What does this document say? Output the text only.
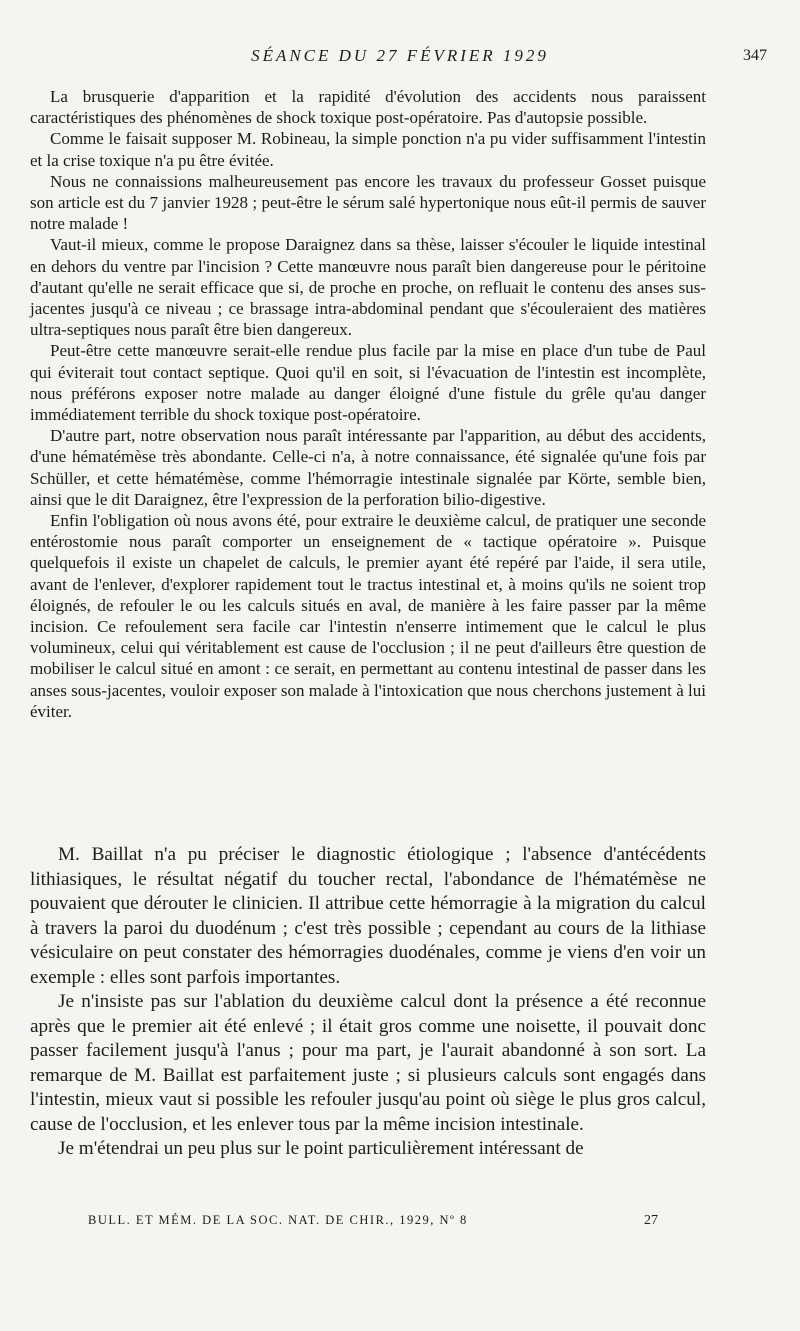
SÉANCE DU 27 FÉVRIER 1929	347

La brusquerie d'apparition et la rapidité d'évolution des accidents nous paraissent caractéristiques des phénomènes de shock toxique post-opératoire. Pas d'autopsie possible.

Comme le faisait supposer M. Robineau, la simple ponction n'a pu vider suffisamment l'intestin et la crise toxique n'a pu être évitée.

Nous ne connaissions malheureusement pas encore les travaux du professeur Gosset puisque son article est du 7 janvier 1928 ; peut-être le sérum salé hypertonique nous eût-il permis de sauver notre malade !

Vaut-il mieux, comme le propose Daraignez dans sa thèse, laisser s'écouler le liquide intestinal en dehors du ventre par l'incision ? Cette manœuvre nous paraît bien dangereuse pour le péritoine d'autant qu'elle ne serait efficace que si, de proche en proche, on refluait le contenu des anses sus-jacentes jusqu'à ce niveau ; ce brassage intra-abdominal pendant que s'écouleraient des matières ultra-septiques nous paraît être bien dangereux.

Peut-être cette manœuvre serait-elle rendue plus facile par la mise en place d'un tube de Paul qui éviterait tout contact septique. Quoi qu'il en soit, si l'évacuation de l'intestin est incomplète, nous préférons exposer notre malade au danger éloigné d'une fistule du grêle qu'au danger immédiatement terrible du shock toxique post-opératoire.

D'autre part, notre observation nous paraît intéressante par l'apparition, au début des accidents, d'une hématémèse très abondante. Celle-ci n'a, à notre connaissance, été signalée qu'une fois par Schüller, et cette hématémèse, comme l'hémorragie intestinale signalée par Körte, semble bien, ainsi que le dit Daraignez, être l'expression de la perforation bilio-digestive.

Enfin l'obligation où nous avons été, pour extraire le deuxième calcul, de pratiquer une seconde entérostomie nous paraît comporter un enseignement de « tactique opératoire ». Puisque quelquefois il existe un chapelet de calculs, le premier ayant été repéré par l'aide, il sera utile, avant de l'enlever, d'explorer rapidement tout le tractus intestinal et, à moins qu'ils ne soient trop éloignés, de refouler le ou les calculs situés en aval, de manière à les faire passer par la même incision. Ce refoulement sera facile car l'intestin n'enserre intimement que le calcul le plus volumineux, celui qui véritablement est cause de l'occlusion ; il ne peut d'ailleurs être question de mobiliser le calcul situé en amont : ce serait, en permettant au contenu intestinal de passer dans les anses sous-jacentes, vouloir exposer son malade à l'intoxication que nous cherchons justement à lui éviter.

M. Baillat n'a pu préciser le diagnostic étiologique ; l'absence d'antécédents lithiasiques, le résultat négatif du toucher rectal, l'abondance de l'hématémèse ne pouvaient que dérouter le clinicien. Il attribue cette hémorragie à la migration du calcul à travers la paroi du duodénum ; c'est très possible ; cependant au cours de la lithiase vésiculaire on peut constater des hémorragies duodénales, comme je viens d'en voir un exemple : elles sont parfois importantes.

Je n'insiste pas sur l'ablation du deuxième calcul dont la présence a été reconnue après que le premier ait été enlevé ; il était gros comme une noisette, il pouvait donc passer facilement jusqu'à l'anus ; pour ma part, je l'aurait abandonné à son sort. La remarque de M. Baillat est parfaitement juste ; si plusieurs calculs sont engagés dans l'intestin, mieux vaut si possible les refouler jusqu'au point où siège le plus gros calcul, cause de l'occlusion, et les enlever tous par la même incision intestinale.

Je m'étendrai un peu plus sur le point particulièrement intéressant de

BULL. ET MÉM. DE LA SOC. NAT. DE CHIR., 1929, Nº 8	27
